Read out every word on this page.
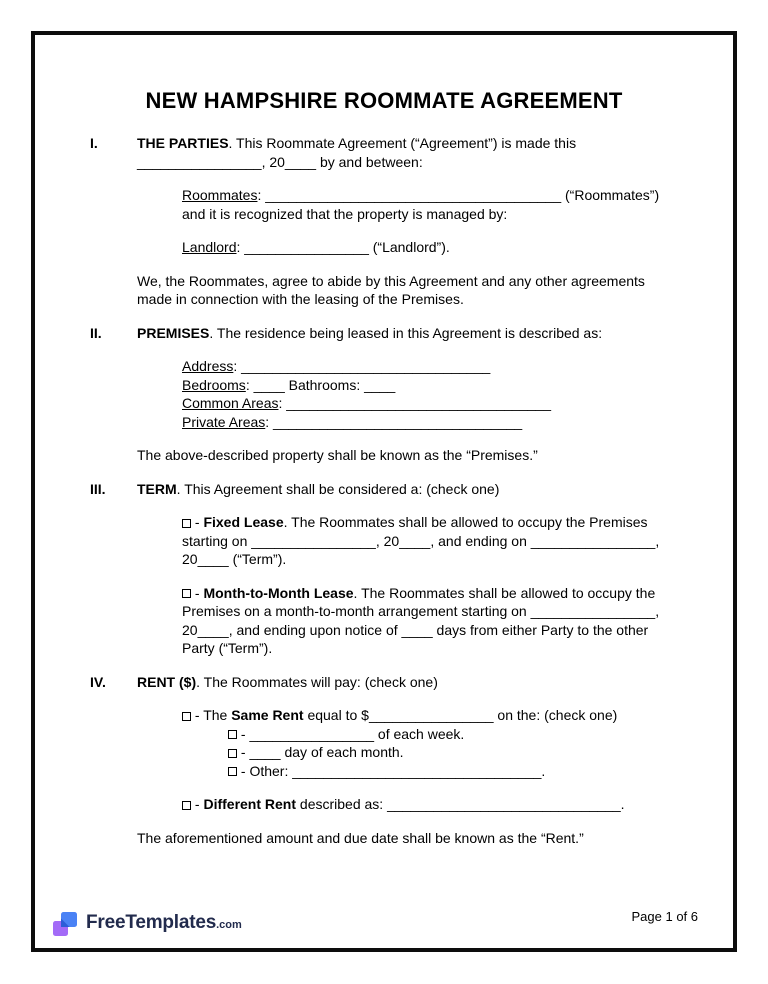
NEW HAMPSHIRE ROOMMATE AGREEMENT
I.	THE PARTIES. This Roommate Agreement (“Agreement”) is made this ________________, 20____ by and between:
Roommates: ______________________________________ (“Roommates”)
and it is recognized that the property is managed by:
Landlord: ________________ (“Landlord”).
We, the Roommates, agree to abide by this Agreement and any other agreements made in connection with the leasing of the Premises.
II.	PREMISES. The residence being leased in this Agreement is described as:
Address: ________________________________
Bedrooms: ____ Bathrooms: ____
Common Areas: __________________________________
Private Areas: ________________________________
The above-described property shall be known as the “Premises.”
III.	TERM. This Agreement shall be considered a: (check one)
- Fixed Lease. The Roommates shall be allowed to occupy the Premises starting on ________________, 20____, and ending on ________________, 20____ (“Term”).
- Month-to-Month Lease. The Roommates shall be allowed to occupy the Premises on a month-to-month arrangement starting on ________________, 20____, and ending upon notice of ____ days from either Party to the other Party (“Term”).
IV.	RENT ($). The Roommates will pay: (check one)
- The Same Rent equal to $________________ on the: (check one)
- ________________ of each week.
- ____ day of each month.
- Other: ________________________________.
- Different Rent described as: ______________________________.
The aforementioned amount and due date shall be known as the “Rent.”
FreeTemplates.com
Page 1 of 6
